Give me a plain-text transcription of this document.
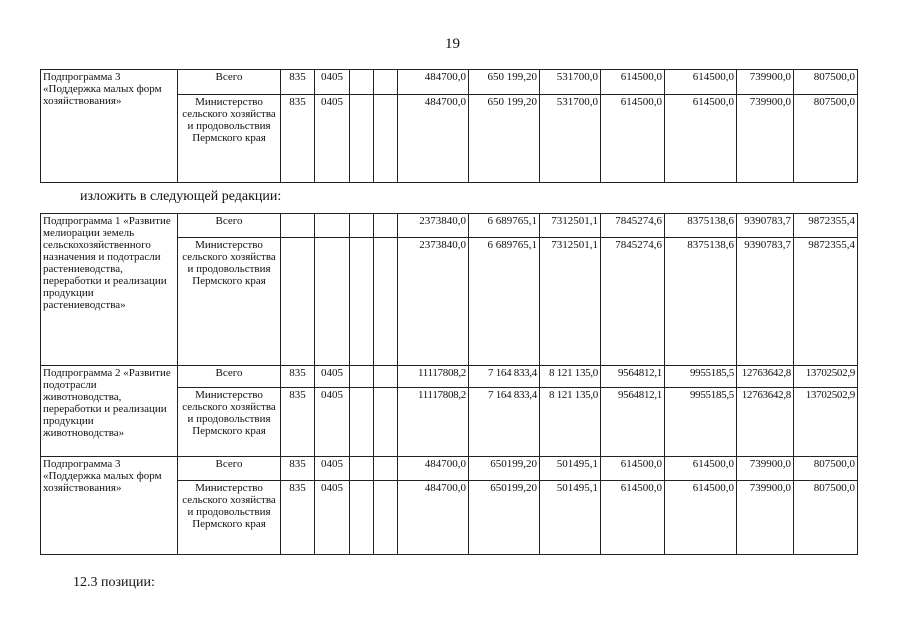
19
Подпрограмма 3 «Поддержка малых форм хозяйствования»	Всего	835	0405			484700,0	650 199,20	531700,0	614500,0	614500,0	739900,0	807500,0
	Министерство сельского хозяйства и продовольствия Пермского края	835	0405			484700,0	650 199,20	531700,0	614500,0	614500,0	739900,0	807500,0
изложить в следующей редакции:
Подпрограмма 1 «Развитие мелиорации земель сельскохозяйственного назначения и подотрасли растениеводства, переработки и реализации продукции растениеводства»	Всего					2373840,0	6 689765,1	7312501,1	7845274,6	8375138,6	9390783,7	9872355,4
	Министерство сельского хозяйства и продовольствия Пермского края					2373840,0	6 689765,1	7312501,1	7845274,6	8375138,6	9390783,7	9872355,4
Подпрограмма 2 «Развитие подотрасли животноводства, переработки и реализации продукции животноводства»	Всего	835	0405			11117808,2	7 164 833,4	8 121 135,0	9564812,1	9955185,5	12763642,8	13702502,9
	Министерство сельского хозяйства и продовольствия Пермского края	835	0405			11117808,2	7 164 833,4	8 121 135,0	9564812,1	9955185,5	12763642,8	13702502,9
Подпрограмма 3 «Поддержка малых форм хозяйствования»	Всего	835	0405			484700,0	650199,20	501495,1	614500,0	614500,0	739900,0	807500,0
	Министерство сельского хозяйства и продовольствия Пермского края	835	0405			484700,0	650199,20	501495,1	614500,0	614500,0	739900,0	807500,0
12.3 позиции:
